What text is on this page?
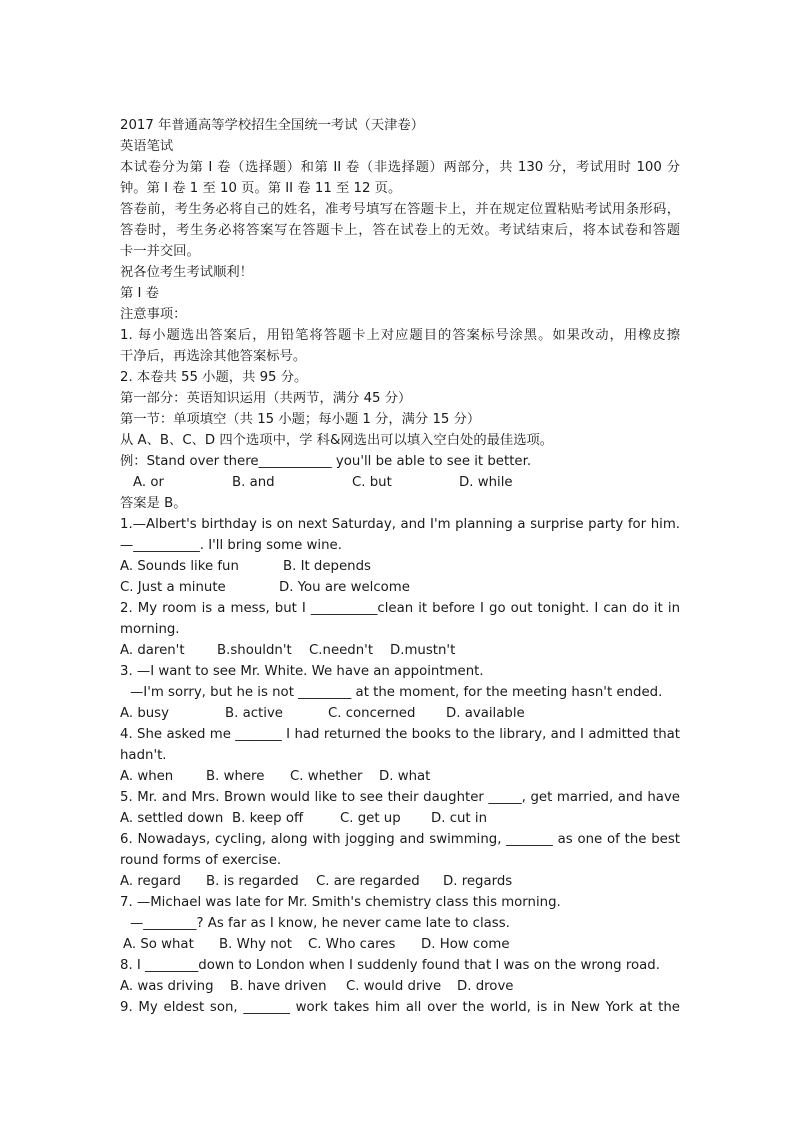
2017 年普通高等学校招生全国统一考试（天津卷）
英语笔试
本试卷分为第 I 卷（选择题）和第 II 卷（非选择题）两部分，共 130 分，考试用时 100 分
钟。第 I 卷 1 至 10 页。第 II 卷 11 至 12 页。
答卷前，考生务必将自己的姓名，准考号填写在答题卡上，并在规定位置粘贴考试用条形码，
答卷时，考生务必将答案写在答题卡上，答在试卷上的无效。考试结束后，将本试卷和答题
卡一并交回。
祝各位考生考试顺利！
第 I 卷
注意事项：
1. 每小题选出答案后，用铅笔将答题卡上对应题目的答案标号涂黑。如果改动，用橡皮擦
干净后，再选涂其他答案标号。
2. 本卷共 55 小题，共 95 分。
第一部分：英语知识运用（共两节，满分 45 分）
第一节：单项填空（共 15 小题；每小题 1 分，满分 15 分）
从 A、B、C、D 四个选项中，学 科&网选出可以填入空白处的最佳选项。
例：Stand over there___________ you'll be able to see it better.
A. or	B. and	C. but	D. while
答案是 B。
1.—Albert's birthday is on next Saturday, and I'm planning a surprise party for him.
—__________. I'll bring some wine.
A. Sounds like fun	B. It depends
C. Just a minute	D. You are welcome
2. My room is a mess, but I __________clean it before I go out tonight. I can do it in
morning.
A. daren't	B.shouldn't	C.needn't	D.mustn't
3. —I want to see Mr. White. We have an appointment.
—I'm sorry, but he is not ________ at the moment, for the meeting hasn't ended.
A. busy	B. active	C. concerned	D. available
4. She asked me _______ I had returned the books to the library, and I admitted that
hadn't.
A. when	B. where	C. whether	D. what
5. Mr. and Mrs. Brown would like to see their daughter _____, get married, and have
A. settled down B. keep off	C. get up	D. cut in
6. Nowadays, cycling, along with jogging and swimming, _______ as one of the best
round forms of exercise.
A. regard	B. is regarded	C. are regarded	D. regards
7. —Michael was late for Mr. Smith's chemistry class this morning.
—________? As far as I know, he never came late to class.
A. So what	B. Why not	C. Who cares	D. How come
8. I ________down to London when I suddenly found that I was on the wrong road.
A. was driving	B. have driven	C. would drive	D. drove
9. My eldest son, _______ work takes him all over the world, is in New York at the
